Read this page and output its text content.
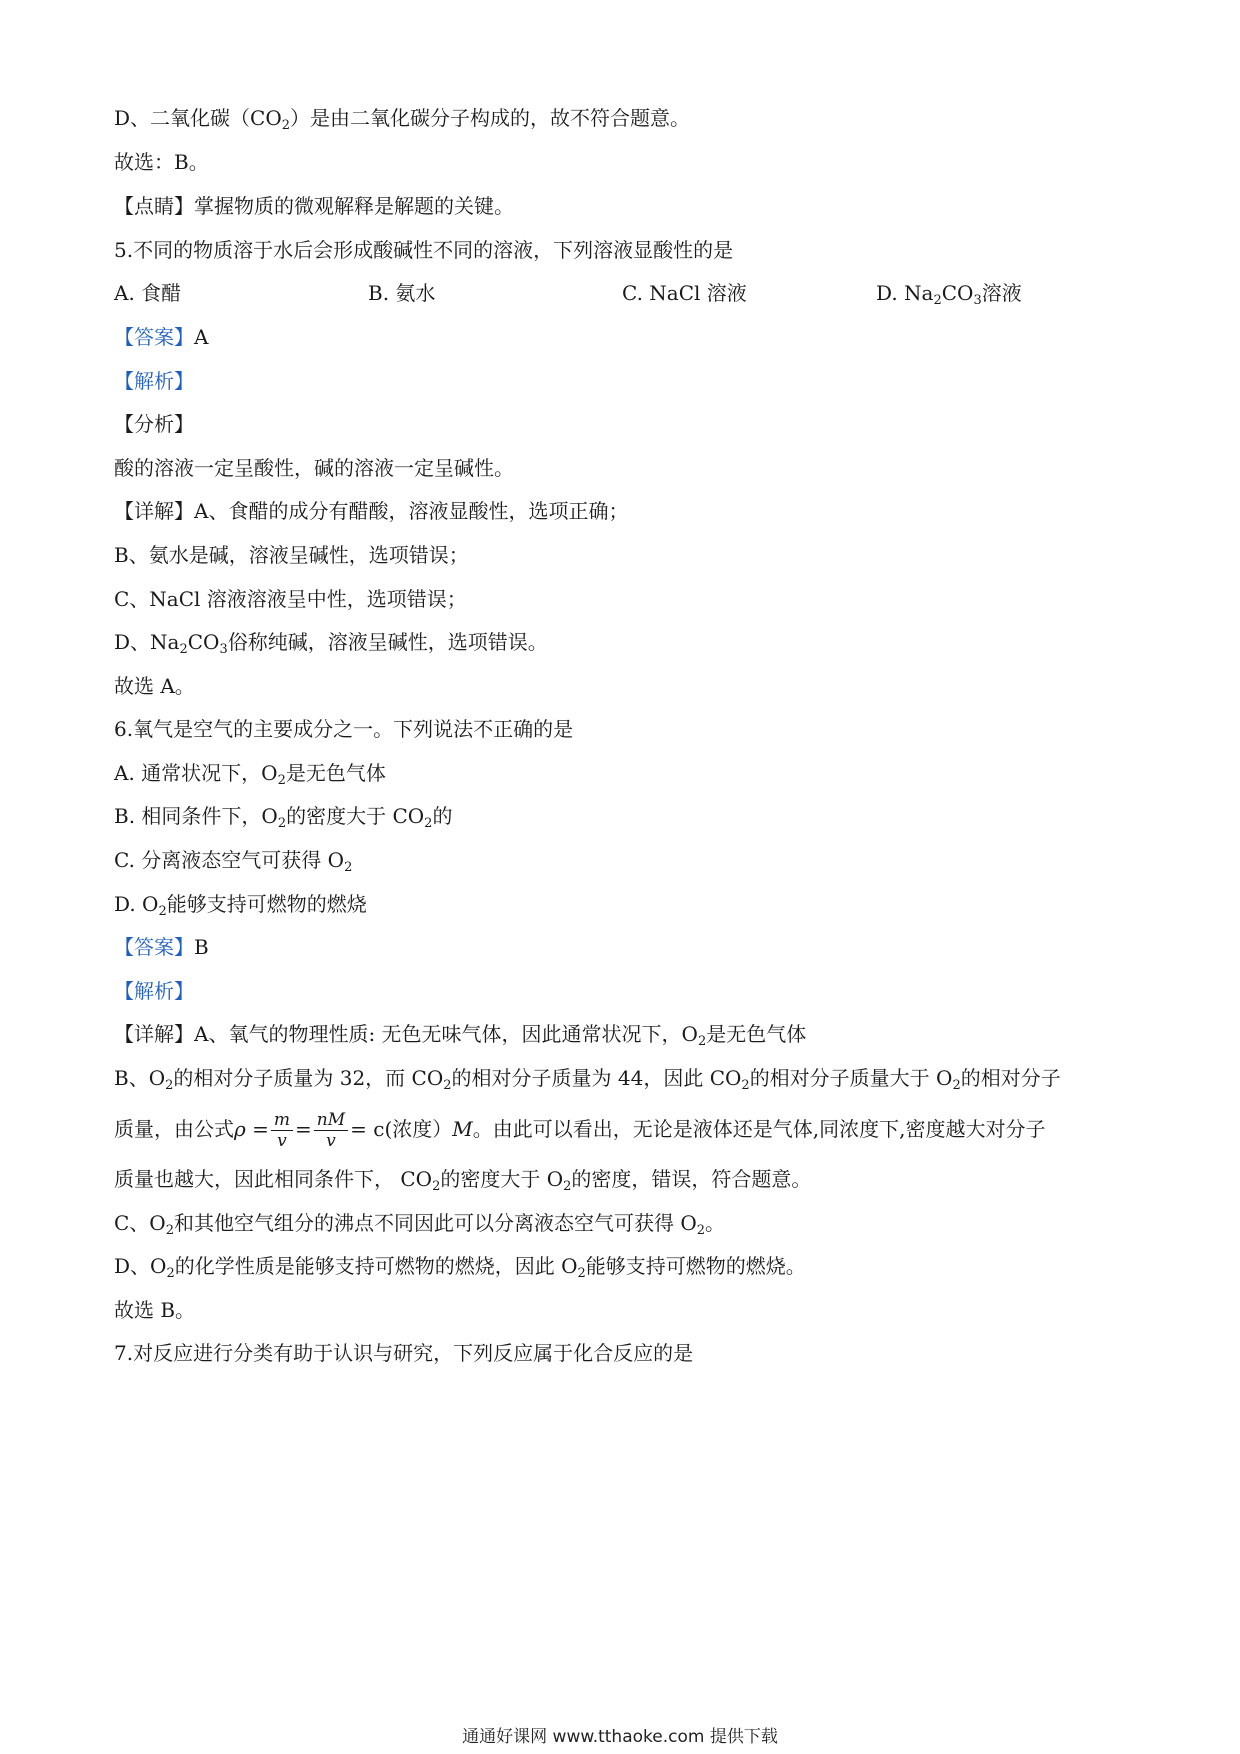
D、二氧化碳$(CO_2)$是由二氧化碳分子构成的，故不符合题意。
故选：B。
【点睛】掌握物质的微观解释是解题的关键。
5.不同的物质溶于水后会形成酸碱性不同的溶液，下列溶液显酸性的是
A. 食醋	B. 氨水	C. NaCl 溶液	D. $Na_2CO_3$溶液
【答案】A
【解析】
【分析】
酸的溶液一定呈酸性，碱的溶液一定呈碱性。
【详解】A、食醋的成分有醋酸，溶液显酸性，选项正确；
B、氨水是碱，溶液呈碱性，选项错误；
C、NaCl 溶液溶液呈中性，选项错误；
D、$Na_2CO_3$俗称纯碱，溶液呈碱性，选项错误。
故选 A。
6.氧气是空气的主要成分之一。下列说法不正确的是
A. 通常状况下，$O_2$是无色气体
B. 相同条件下，$O_2$的密度大于 $CO_2$的
C. 分离液态空气可获得 $O_2$
D. $O_2$能够支持可燃物的燃烧
【答案】B
【解析】
【详解】A、氧气的物理性质: 无色无味气体，因此通常状况下，$O_2$是无色气体
B、$O_2$的相对分子质量为 32，而 $CO_2$的相对分子质量为 44，因此 $CO_2$的相对分子质量大于 $O_2$的相对分子
质量，由公式$\rho = \frac{m}{v} = \frac{nM}{v} = c$(浓度）M。由此可以看出，无论是液体还是气体,同浓度下,密度越大对分子
质量也越大，因此相同条件下， $CO_2$的密度大于 $O_2$的密度，错误，符合题意。
C、$O_2$和其他空气组分的沸点不同因此可以分离液态空气可获得 $O_2$。
D、$O_2$的化学性质是能够支持可燃物的燃烧，因此 $O_2$能够支持可燃物的燃烧。
故选 B。
7.对反应进行分类有助于认识与研究，下列反应属于化合反应的是
通通好课网 www.tthaoke.com 提供下载
